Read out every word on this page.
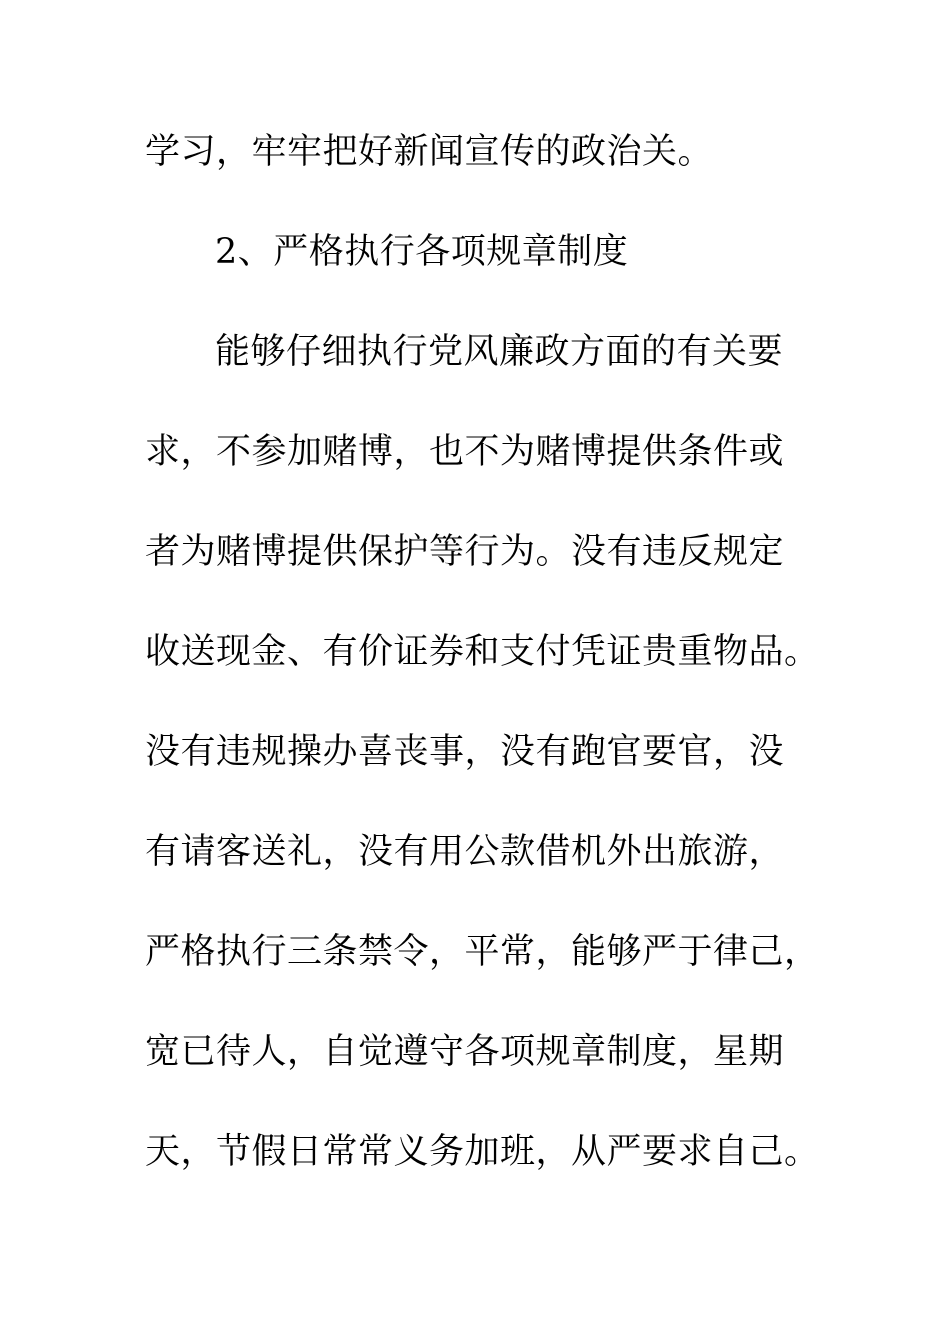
学习，牢牢把好新闻宣传的政治关。
2、严格执行各项规章制度
能够仔细执行党风廉政方面的有关要
求，不参加赌博，也不为赌博提供条件或
者为赌博提供保护等行为。没有违反规定
收送现金、有价证券和支付凭证贵重物品。
没有违规操办喜丧事，没有跑官要官，没
有请客送礼，没有用公款借机外出旅游，
严格执行三条禁令，平常，能够严于律己，
宽已待人，自觉遵守各项规章制度，星期
天，节假日常常义务加班，从严要求自己。
